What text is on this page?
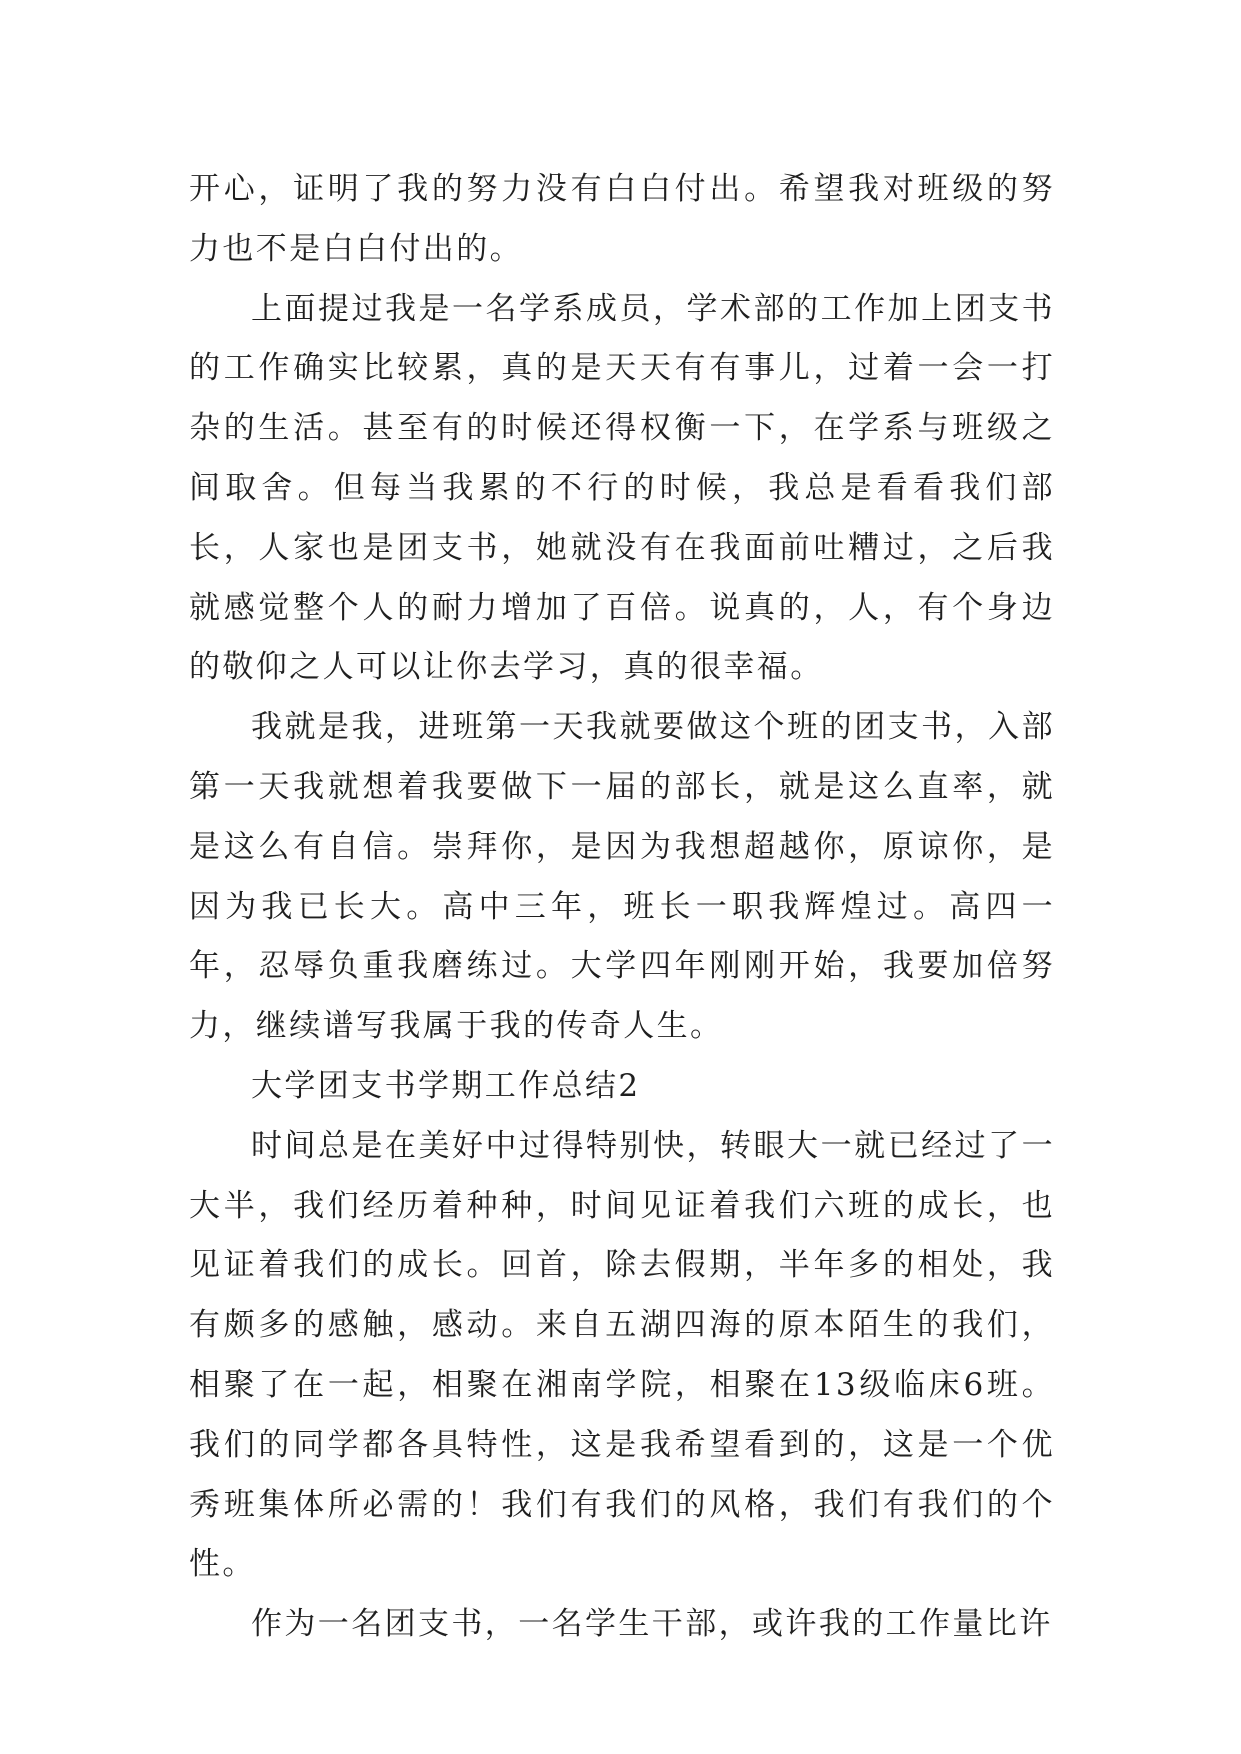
开心，证明了我的努力没有白白付出。希望我对班级的努力也不是白白付出的。

上面提过我是一名学系成员，学术部的工作加上团支书的工作确实比较累，真的是天天有有事儿，过着一会一打杂的生活。甚至有的时候还得权衡一下，在学系与班级之间取舍。但每当我累的不行的时候，我总是看看我们部长，人家也是团支书，她就没有在我面前吐糟过，之后我就感觉整个人的耐力增加了百倍。说真的，人，有个身边的敬仰之人可以让你去学习，真的很幸福。

我就是我，进班第一天我就要做这个班的团支书，入部第一天我就想着我要做下一届的部长，就是这么直率，就是这么有自信。崇拜你，是因为我想超越你，原谅你，是因为我已长大。高中三年，班长一职我辉煌过。高四一年，忍辱负重我磨练过。大学四年刚刚开始，我要加倍努力，继续谱写我属于我的传奇人生。

大学团支书学期工作总结2

时间总是在美好中过得特别快，转眼大一就已经过了一大半，我们经历着种种，时间见证着我们六班的成长，也见证着我们的成长。回首，除去假期，半年多的相处，我有颇多的感触，感动。来自五湖四海的原本陌生的我们，相聚了在一起，相聚在湘南学院，相聚在13级临床6班。我们的同学都各具特性，这是我希望看到的，这是一个优秀班集体所必需的！我们有我们的风格，我们有我们的个性。

作为一名团支书，一名学生干部，或许我的工作量比许
